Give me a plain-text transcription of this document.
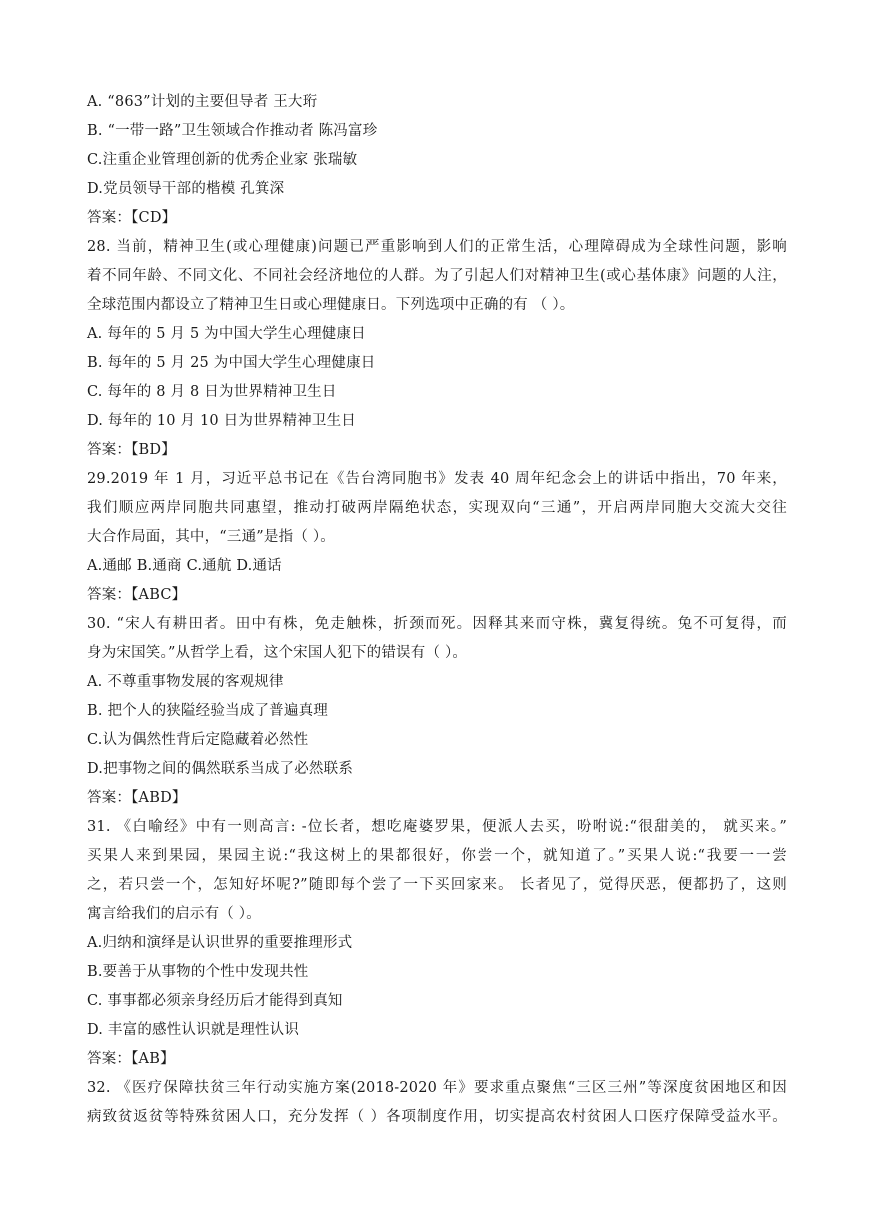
A. “863”计划的主要但导者 王大珩
B. “一带一路”卫生领域合作推动者 陈冯富珍
C.注重企业管理创新的优秀企业家 张瑞敏
D.党员领导干部的楷模 孔箕深
答案：【CD】
28. 当前，精神卫生(或心理健康)问题已严重影响到人们的正常生活，心理障碍成为全球性问题，影响
着不同年龄、不同文化、不同社会经济地位的人群。为了引起人们对精神卫生(或心基体康》问题的人注，
全球范围内都设立了精神卫生日或心理健康日。下列选项中正确的有 （ ）。
A. 每年的 5 月 5 为中国大学生心理健康日
B. 每年的 5 月 25 为中国大学生心理健康日
C. 每年的 8 月 8 日为世界精神卫生日
D. 每年的 10 月 10 日为世界精神卫生日
答案：【BD】
29.2019 年 1 月，习近平总书记在《告台湾同胞书》发表 40 周年纪念会上的讲话中指出，70 年来，
我们顺应两岸同胞共同惠望，推动打破两岸隔绝状态，实现双向“三通”，开启两岸同胞大交流大交往
大合作局面，其中，“三通”是指（ ）。
A.通邮 B.通商 C.通航 D.通话
答案：【ABC】
30. “宋人有耕田者。田中有株，免走触株，折颈而死。因释其来而守株，冀复得统。兔不可复得，而
身为宋国笑。”从哲学上看，这个宋国人犯下的错误有（ ）。
A. 不尊重事物发展的客观规律
B. 把个人的狭隘经验当成了普遍真理
C.认为偶然性背后定隐藏着必然性
D.把事物之间的偶然联系当成了必然联系
答案：【ABD】
31. 《白喻经》中有一则高言: -位长者，想吃庵婆罗果，便派人去买，吩咐说:“很甜美的， 就买来。”
买果人来到果园，果园主说:“我这树上的果都很好，你尝一个，就知道了。”买果人说:“我要一一尝
之，若只尝一个，怎知好坏呢?”随即每个尝了一下买回家来。 长者见了，觉得厌恶，便都扔了，这则
寓言给我们的启示有（ ）。
A.归纳和演绎是认识世界的重要推理形式
B.要善于从事物的个性中发现共性
C. 事事都必须亲身经历后才能得到真知
D. 丰富的感性认识就是理性认识
答案：【AB】
32. 《医疗保障扶贫三年行动实施方案(2018-2020 年》要求重点聚焦“三区三州”等深度贫困地区和因
病致贫返贫等特殊贫困人口，充分发挥（ ）各项制度作用，切实提高农村贫困人口医疗保障受益水平。
